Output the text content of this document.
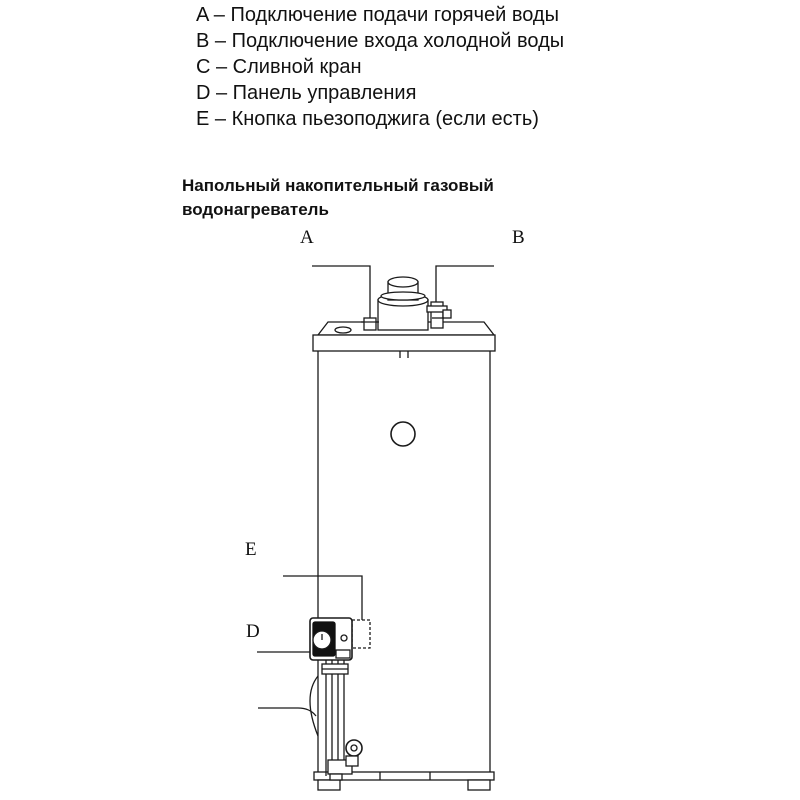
A – Подключение подачи горячей воды
B – Подключение входа холодной воды
C – Сливной кран
D – Панель управления
E – Кнопка пьезоподжига (если есть)
Напольный накопительный газовый водонагреватель
A	B
E
D
